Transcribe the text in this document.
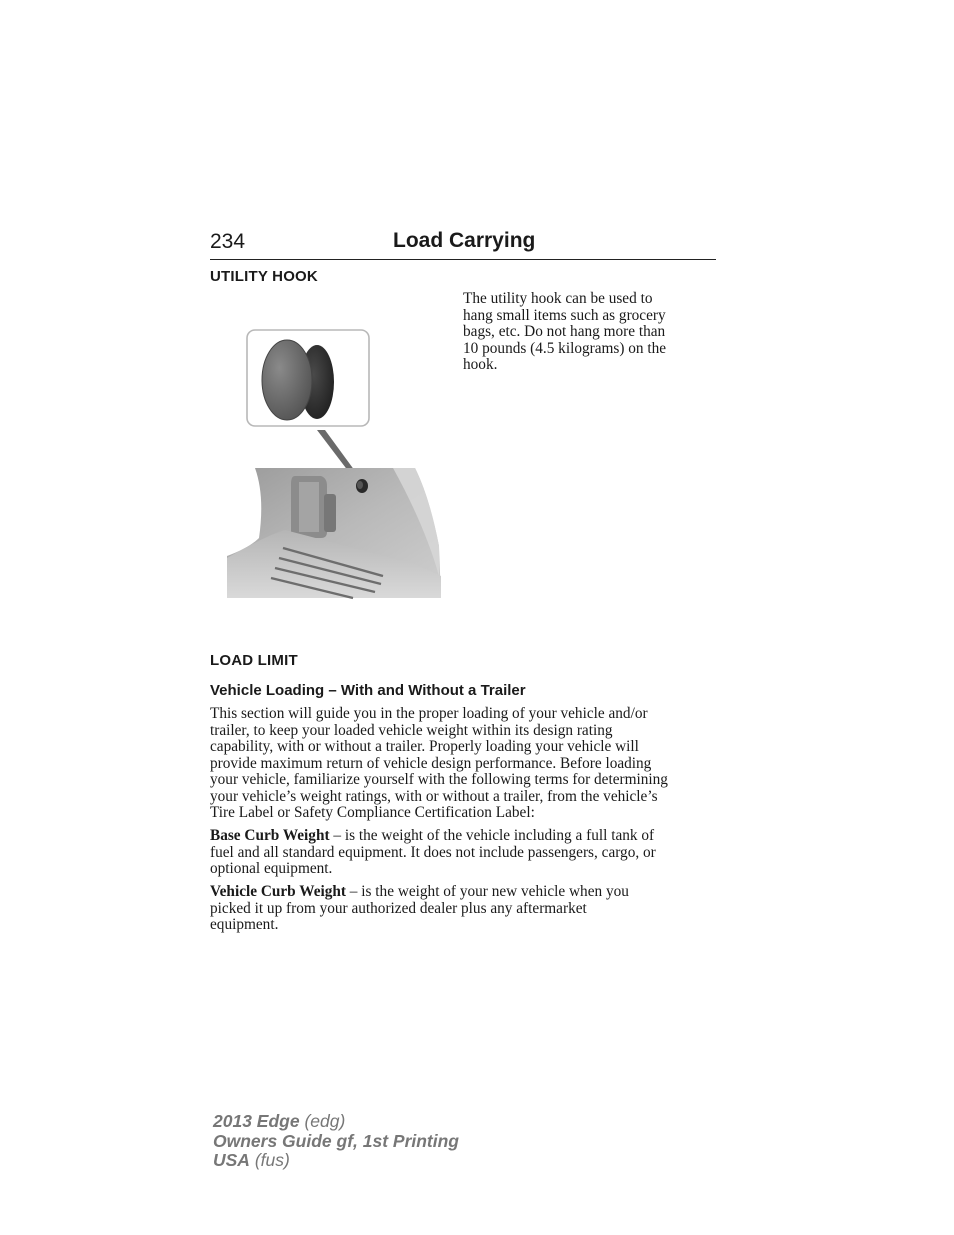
234	Load Carrying
UTILITY HOOK
The utility hook can be used to
hang small items such as grocery
bags, etc. Do not hang more than
10 pounds (4.5 kilograms) on the
hook.
LOAD LIMIT
Vehicle Loading – With and Without a Trailer
This section will guide you in the proper loading of your vehicle and/or
trailer, to keep your loaded vehicle weight within its design rating
capability, with or without a trailer. Properly loading your vehicle will
provide maximum return of vehicle design performance. Before loading
your vehicle, familiarize yourself with the following terms for determining
your vehicle’s weight ratings, with or without a trailer, from the vehicle’s
Tire Label or Safety Compliance Certification Label:
Base Curb Weight – is the weight of the vehicle including a full tank of
fuel and all standard equipment. It does not include passengers, cargo, or
optional equipment.
Vehicle Curb Weight – is the weight of your new vehicle when you
picked it up from your authorized dealer plus any aftermarket
equipment.
2013 Edge (edg)
Owners Guide gf, 1st Printing
USA (fus)
